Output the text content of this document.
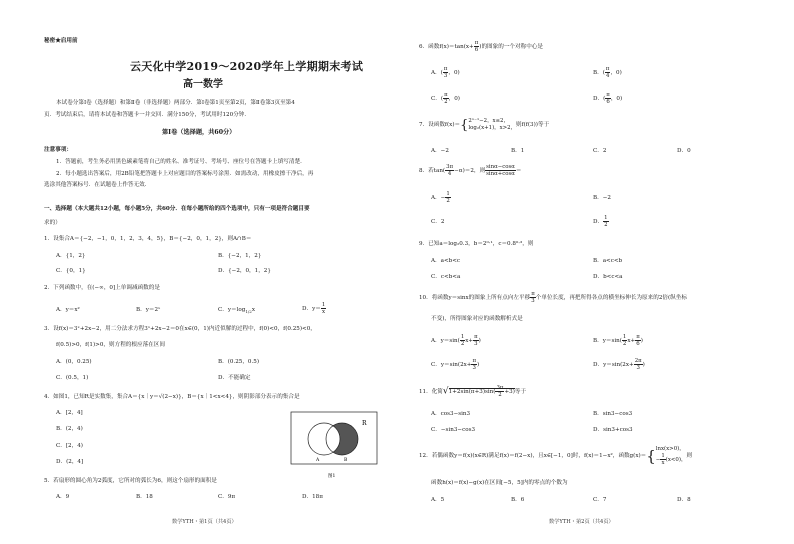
秘密★启用前
云天化中学2019～2020学年上学期期末考试
高一数学
本试卷分第Ⅰ卷（选择题）和第Ⅱ卷（非选择题）两部分．第Ⅰ卷第1页至第2页，第Ⅱ卷第3页至第4
页．考试结束后，请将本试卷和答题卡一并交回．满分150分，考试用时120分钟．
第Ⅰ卷（选择题，共60分）
注意事项：
1．答题前，考生务必用黑色碳素笔将自己的姓名、准考证号、考场号、座位号在答题卡上填写清楚．
2．每小题选出答案后，用2B铅笔把答题卡上对应题目的答案标号涂黑．如需改动，用橡皮擦干净后，再
选涂其他答案标号．在试题卷上作答无效．
一、选择题（本大题共12小题，每小题5分，共60分．在每小题所给的四个选项中，只有一项是符合题目要
求的）
1．设集合A＝{−2，−1，0，1，2，3，4，5}，B＝{−2，0，1，2}，则A∩B＝
A．{1，2}	B．{−2，1，2}
C．{0，1}	D．{−2，0，1，2}
2．下列函数中，在(−∞，0]上单调减函数的是
A．y＝x²	B．y＝2ˣ	C．$y=\log_{1/2}x$	D．$y= \frac{1}{x}$
3．设f(x)＝3ˣ+2x−2，用二分法求方程3ˣ+2x−2＝0在x∈(0，1)内近似解的过程中，f(0)<0，f(0.25)<0，
f(0.5)>0，f(1)>0，则方程的根应落在区间
A．(0，0.25)	B．(0.25，0.5)
C．(0.5，1)	D．不能确定
4．如图1，已知R是实数集，集合A＝{x｜y＝√(2−x)}，B＝{x｜1<x<4}，则阴影部分表示的集合是
A．[2，4]
B．(2，4)
C．[2，4)
D．(2，4]
R
A	B
图1
5．若扇形的圆心角为2弧度，它所对的弧长为6，则这个扇形的面积是
A．9	B．18	C．9π	D．18π
数学YTH・第1页（共4页）
6．函数$f(x)=\tan(x+ \frac{\pi}{6}$ )的图象的一个对称中心是
A．( $\frac{\pi}{3}$ ，0)	B．( $\frac{\pi}{4}$ ，0)
C．( $\frac{\pi}{2}$ ，0)	D．( $\frac{\pi}{6}$ ，0)
7．设函数f(x)＝{ 2ˣ⁻¹−2，x≤2，
log₂(x+1)，x>2， 则f(f(3))等于
A．−2	B．1	C．2	D．0
8．若$\tan( \frac{3\pi}{4} -\alpha)=2$，则 $\frac{\sin\alpha-\cos\alpha}{\sin\alpha+\cos\alpha}$ ＝
A．− $\frac{1}{2}$	B．−2
C．2	D． $\frac{1}{2}$
9．已知a＝log₂0.3，b＝2⁰·¹，c＝0.8⁰·³，则
A．a<b<c	B．a<c<b
C．c<b<a	D．b<c<a
10．将函数y＝sinx的图象上所有点向左平移 $\frac{\pi}{3}$ 个单位长度，再把所得各点的横坐标伸长为原来的2倍(纵坐标
不变)，所得图象对应的函数解析式是
A．$y=\sin( \frac{1}{2} x+ \frac{\pi}{3}$ )	B．$y=\sin( \frac{1}{2} x+ \frac{\pi}{6}$ )
C．$y=\sin(2x+ \frac{\pi}{3}$ )	D．$y=\sin(2x+ \frac{2\pi}{3}$ )
11．化简$√1+2\sin(\pi+3)\sin( \frac{3\pi}{2} +3)$等于
A．cos3−sin3	B．sin3−cos3
C．−sin3−cos3	D．sin3+cos3
12．若偶函数y＝f(x)(x∈R)满足f(x)＝f(2−x)，且x∈[−1，0]时，f(x)＝1−x²，函数g(x)＝{ lnx(x>0)，
− $\frac{1}{x} (x<0)$，
则
函数h(x)＝f(x)−g(x)在区间[−5，5]内的零点的个数为
A．5	B．6	C．7	D．8
数学YTH・第2页（共4页）
